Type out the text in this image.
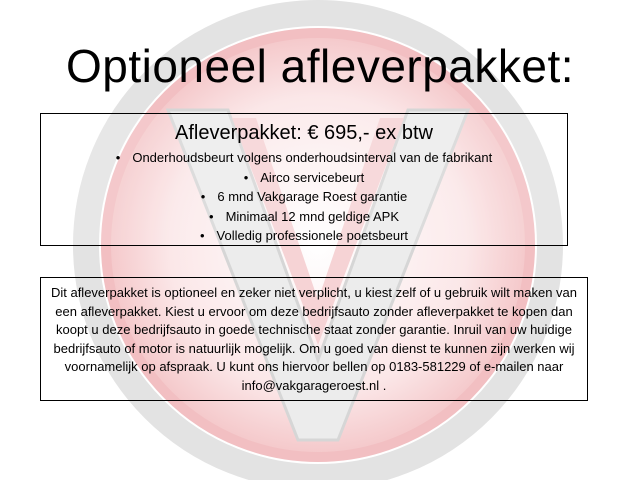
Optioneel afleverpakket:
Afleverpakket: € 695,- ex btw
• Onderhoudsbeurt volgens onderhoudsinterval van de fabrikant
• Airco servicebeurt
• 6 mnd Vakgarage Roest garantie
• Minimaal 12 mnd geldige APK
• Volledig professionele poetsbeurt
Dit afleverpakket is optioneel en zeker niet verplicht, u kiest zelf of u gebruik wilt maken van een afleverpakket. Kiest u ervoor om deze bedrijfsauto zonder afleverpakket te kopen dan koopt u deze bedrijfsauto in goede technische staat zonder garantie. Inruil van uw huidige bedrijfsauto of motor is natuurlijk mogelijk. Om u goed van dienst te kunnen zijn werken wij voornamelijk op afspraak. U kunt ons hiervoor bellen op 0183-581229 of e-mailen naar info@vakgarageroest.nl .
